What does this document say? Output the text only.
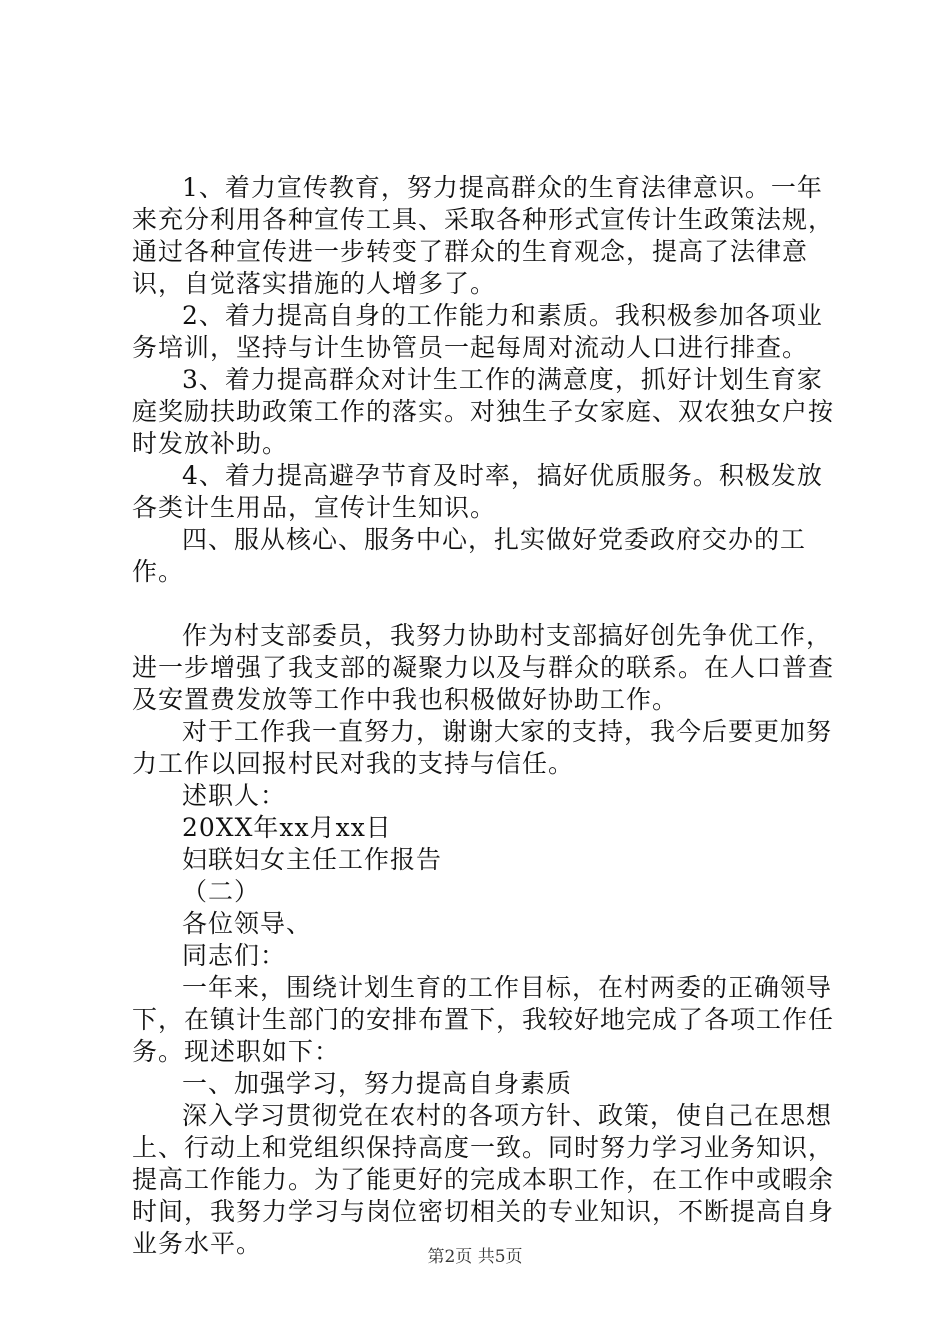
1、着力宣传教育，努力提高群众的生育法律意识。一年来充分利用各种宣传工具、采取各种形式宣传计生政策法规，通过各种宣传进一步转变了群众的生育观念，提高了法律意识，自觉落实措施的人增多了。

2、着力提高自身的工作能力和素质。我积极参加各项业务培训，坚持与计生协管员一起每周对流动人口进行排查。

3、着力提高群众对计生工作的满意度，抓好计划生育家庭奖励扶助政策工作的落实。对独生子女家庭、双农独女户按时发放补助。

4、着力提高避孕节育及时率，搞好优质服务。积极发放各类计生用品，宣传计生知识。

四、服从核心、服务中心，扎实做好党委政府交办的工作。

作为村支部委员，我努力协助村支部搞好创先争优工作，进一步增强了我支部的凝聚力以及与群众的联系。在人口普查及安置费发放等工作中我也积极做好协助工作。

对于工作我一直努力，谢谢大家的支持，我今后要更加努力工作以回报村民对我的支持与信任。

述职人：

20XX年xx月xx日

妇联妇女主任工作报告

（二）

各位领导、

同志们：

一年来，围绕计划生育的工作目标，在村两委的正确领导下，在镇计生部门的安排布置下，我较好地完成了各项工作任务。现述职如下：

一、加强学习，努力提高自身素质

深入学习贯彻党在农村的各项方针、政策，使自己在思想上、行动上和党组织保持高度一致。同时努力学习业务知识，提高工作能力。为了能更好的完成本职工作，在工作中或暇余时间，我努力学习与岗位密切相关的专业知识，不断提高自身业务水平。	第2页 共5页
